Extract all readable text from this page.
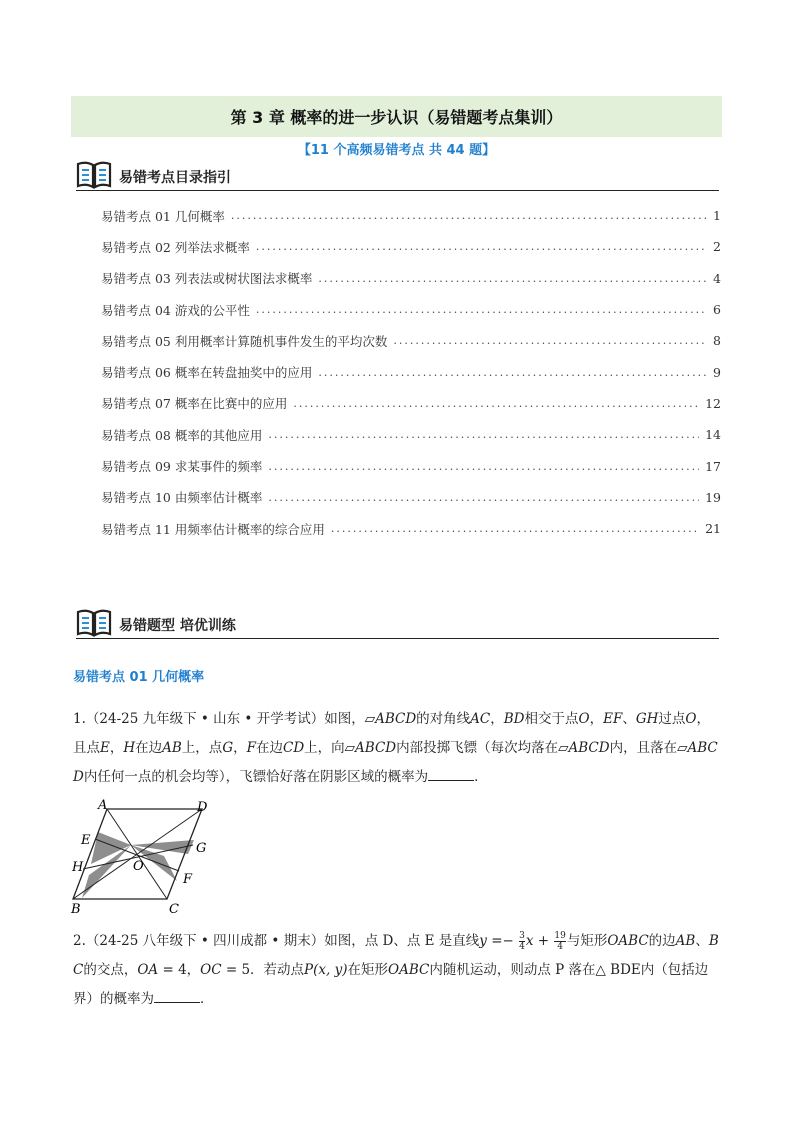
第 3 章 概率的进一步认识（易错题考点集训）
【11 个高频易错考点 共 44 题】
易错考点目录指引
易错考点 01 几何概率 .....	1
易错考点 02 列举法求概率 .....	2
易错考点 03 列表法或树状图法求概率 .....	4
易错考点 04 游戏的公平性 .....	6
易错考点 05 利用概率计算随机事件发生的平均次数 .....	8
易错考点 06 概率在转盘抽奖中的应用 .....	9
易错考点 07 概率在比赛中的应用 .....	12
易错考点 08 概率的其他应用 .....	14
易错考点 09 求某事件的频率 .....	17
易错考点 10 由频率估计概率 .....	19
易错考点 11 用频率估计概率的综合应用 .....	21
易错题型 培优训练
易错考点 01 几何概率
1.（24-25 九年级下 • 山东 • 开学考试）如图，▱ABCD的对角线AC，BD相交于点O，EF、GH过点O，且点E，H在边AB上，点G，F在边CD上，向▱ABCD内部投掷飞镖（每次均落在▱ABCD内，且落在▱ABCD内任何一点的机会均等），飞镖恰好落在阴影区域的概率为	．
A	D
E
G
H	O
F
B	C
2.（24-25 八年级下 • 四川成都 • 期末）如图，点 D、点 E 是直线$y =- \frac{3}{4}$ $x + \frac{19}{4}$ 与矩形OABC的边AB、BC的交点，OA = 4，OC = 5．若动点P(x, y)在矩形OABC内随机运动，则动点 P 落在△ BDE内（包括边界）的概率为	．
